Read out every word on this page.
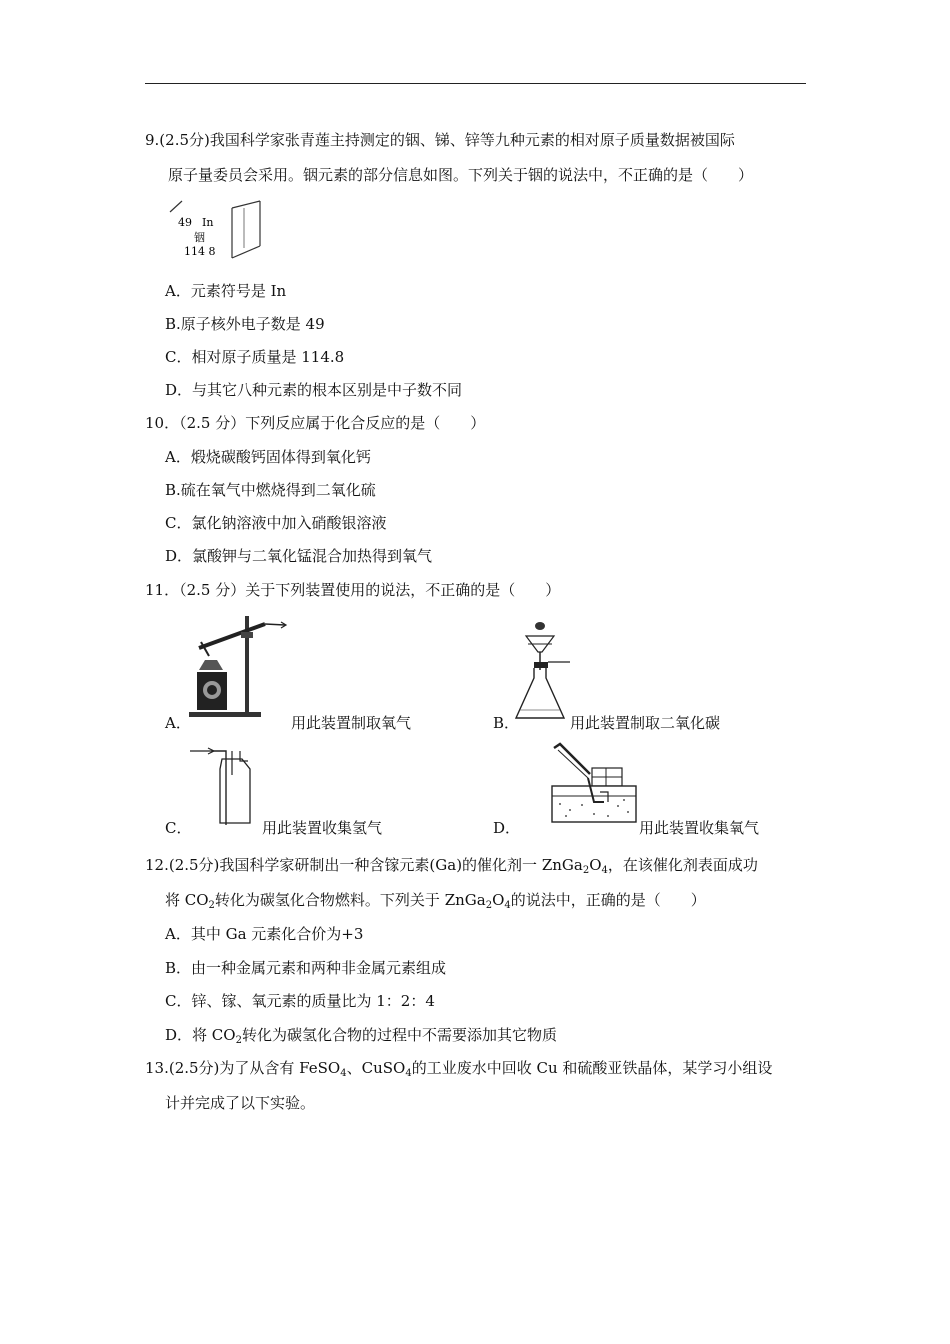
9.(2.5分)我国科学家张青莲主持测定的铟、锑、锌等九种元素的相对原子质量数据被国际
原子量委员会采用。铟元素的部分信息如图。下列关于铟的说法中，不正确的是（　　）
49 In
铟
114 8
A．元素符号是 In
B.原子核外电子数是 49
C．相对原子质量是 114.8
D．与其它八种元素的根本区别是中子数不同
10．（2.5 分）下列反应属于化合反应的是（　　）
A．煅烧碳酸钙固体得到氧化钙
B.硫在氧气中燃烧得到二氧化硫
C．氯化钠溶液中加入硝酸银溶液
D．氯酸钾与二氧化锰混合加热得到氧气
11．（2.5 分）关于下列装置使用的说法，不正确的是（　　）
A．	用此装置制取氧气	B．	用此装置制取二氧化碳
C．	用此装置收集氢气	D．	用此装置收集氧气
12.(2.5分)我国科学家研制出一种含镓元素(Ga)的催化剂一 $ZnGa_2O_4$，在该催化剂表面成功
将 $CO_2$转化为碳氢化合物燃料。下列关于 $ZnGa_2O_4$的说法中，正确的是（　　）
A．其中 Ga 元素化合价为+3
B．由一种金属元素和两种非金属元素组成
C．锌、镓、氧元素的质量比为 1：2：4
D．将 $CO_2$转化为碳氢化合物的过程中不需要添加其它物质
13.(2.5分)为了从含有 FeSO$_4$、CuSO$_4$的工业废水中回收 Cu 和硫酸亚铁晶体，某学习小组设
计并完成了以下实验。
